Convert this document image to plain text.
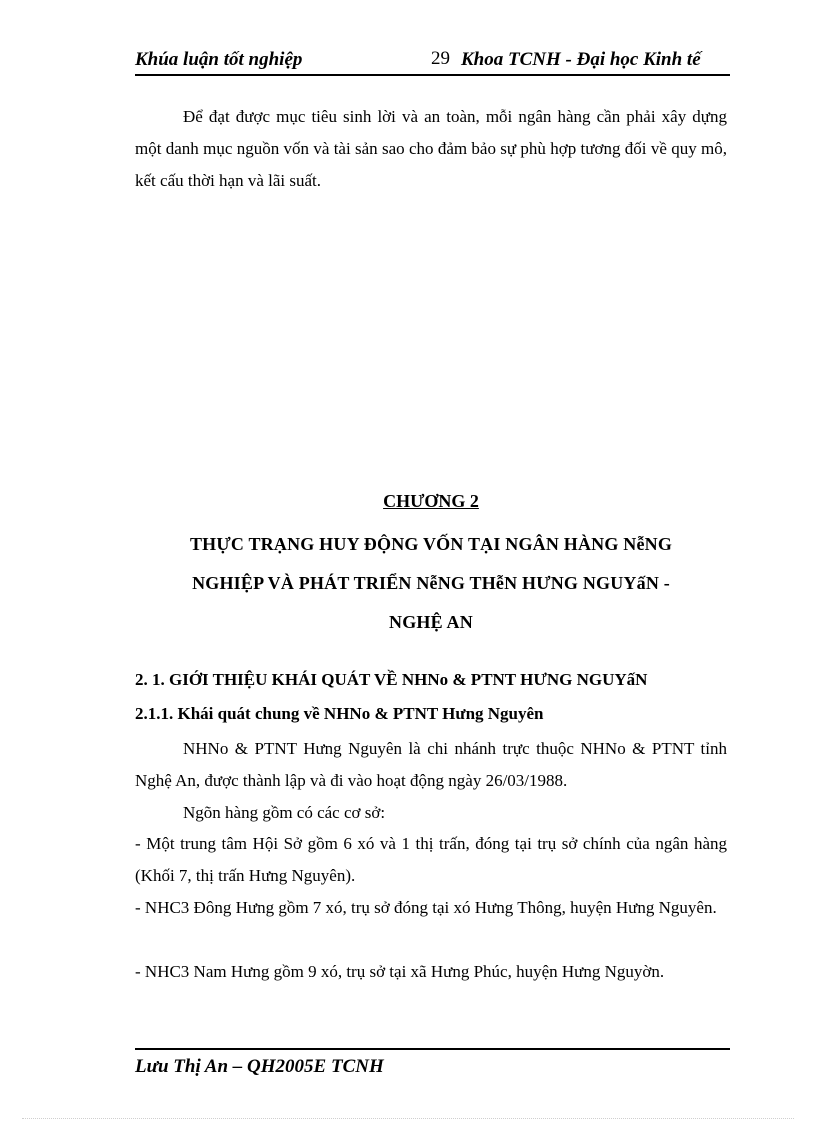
Khúa luận tốt nghiệp	29 Khoa TCNH - Đại học Kinh tế

Để đạt được mục tiêu sinh lời và an toàn, mỗi ngân hàng cần phải xây dựng một danh mục nguồn vốn và tài sản sao cho đảm bảo sự phù hợp tương đối về quy mô, kết cấu thời hạn và lãi suất.

CHƯƠNG 2
THỰC TRẠNG HUY ĐỘNG VỐN TẠI NGÂN HÀNG NễNG
NGHIỆP VÀ PHÁT TRIỂN NễNG THễN HƯNG NGUYấN -
NGHỆ AN
2. 1. GIỚI THIỆU KHÁI QUÁT VỀ NHNo & PTNT HƯNG NGUYấN
2.1.1. Khái quát chung về NHNo & PTNT Hưng Nguyên

NHNo & PTNT Hưng Nguyên là chi nhánh trực thuộc NHNo & PTNT tỉnh Nghệ An, được thành lập và đi vào hoạt động ngày 26/03/1988.

Ngõn hàng gồm có các cơ sở:

- Một trung tâm Hội Sở gồm 6 xó và 1 thị trấn, đóng tại trụ sở chính của ngân hàng (Khối 7, thị trấn Hưng Nguyên).

- NHC3 Đông Hưng gồm 7 xó, trụ sở đóng tại xó Hưng Thông, huyện Hưng Nguyên.

- NHC3 Nam Hưng gồm 9 xó, trụ sở tại xã Hưng Phúc, huyện Hưng Nguyờn.

Lưu Thị An – QH2005E TCNH
